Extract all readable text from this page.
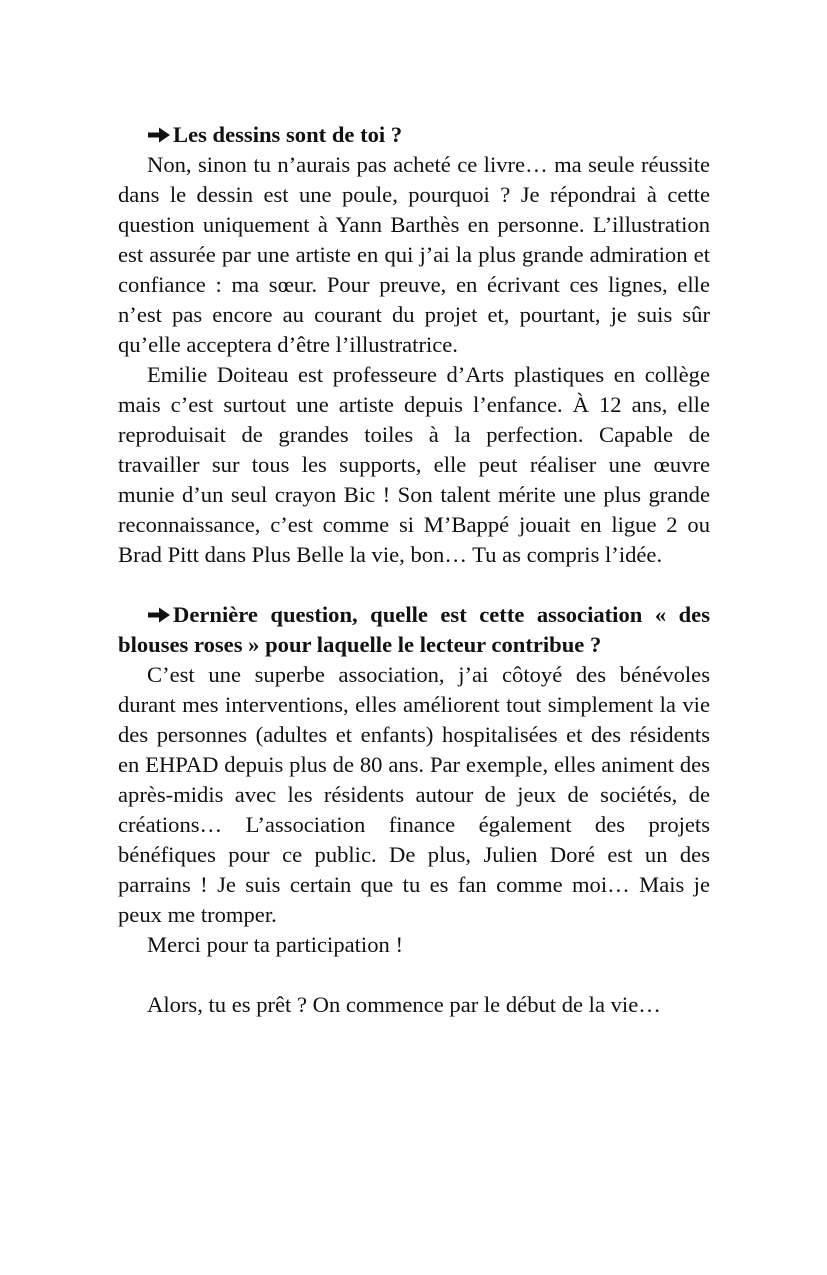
Les dessins sont de toi ?

Non, sinon tu n’aurais pas acheté ce livre… ma seule réussite dans le dessin est une poule, pourquoi ? Je répondrai à cette question uniquement à Yann Barthès en personne. L’illustration est assurée par une artiste en qui j’ai la plus grande admiration et confiance : ma sœur. Pour preuve, en écrivant ces lignes, elle n’est pas encore au courant du projet et, pourtant, je suis sûr qu’elle acceptera d’être l’illustratrice.

Emilie Doiteau est professeure d’Arts plastiques en collège mais c’est surtout une artiste depuis l’enfance. À 12 ans, elle reproduisait de grandes toiles à la perfection. Capable de travailler sur tous les supports, elle peut réaliser une œuvre munie d’un seul crayon Bic ! Son talent mérite une plus grande reconnaissance, c’est comme si M’Bappé jouait en ligue 2 ou Brad Pitt dans Plus Belle la vie, bon… Tu as compris l’idée.

Dernière question, quelle est cette association « des blouses roses » pour laquelle le lecteur contribue ?

C’est une superbe association, j’ai côtoyé des bénévoles durant mes interventions, elles améliorent tout simplement la vie des personnes (adultes et enfants) hospitalisées et des résidents en EHPAD depuis plus de 80 ans. Par exemple, elles animent des après-midis avec les résidents autour de jeux de sociétés, de créations… L’association finance également des projets bénéfiques pour ce public. De plus, Julien Doré est un des parrains ! Je suis certain que tu es fan comme moi… Mais je peux me tromper.

Merci pour ta participation !

Alors, tu es prêt ? On commence par le début de la vie…
